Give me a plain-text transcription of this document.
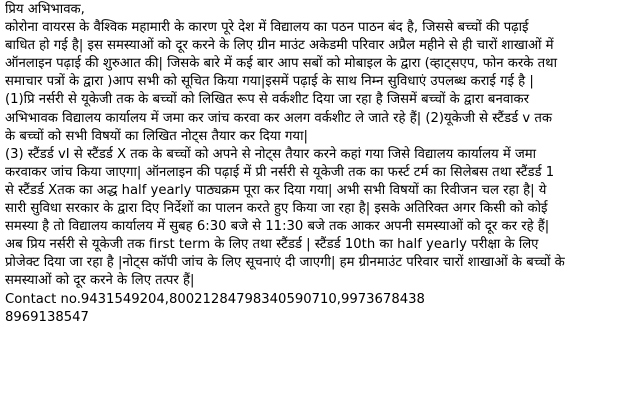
प्रिय अभिभावक,
कोरोना वायरस के वैश्विक महामारी के कारण पूरे देश में विद्यालय का पठन पाठन बंद है, जिससे बच्चों की पढ़ाई
बाधित हो गई है| इस समस्याओं को दूर करने के लिए ग्रीन माउंट अकेडमी परिवार अप्रैल महीने से ही चारों शाखाओं में
ऑनलाइन पढ़ाई की शुरुआत की| जिसके बारे में कई बार आप सबों को मोबाइल के द्वारा (व्हाट्सएप, फोन करके तथा
समाचार पत्रों के द्वारा )आप सभी को सूचित किया गया|इसमें पढ़ाई के साथ निम्न सुविधाएं उपलब्ध कराई गई है |
(1)प्रि नर्सरी से यूकेजी तक के बच्चों को लिखित रूप से वर्कशीट दिया जा रहा है जिसमें बच्चों के द्वारा बनवाकर
अभिभावक विद्यालय कार्यालय में जमा कर जांच करवा कर अलग वर्कशीट ले जाते रहे हैं| (2)यूकेजी से स्टैंडर्ड v तक
के बच्चों को सभी विषयों का लिखित नोट्स तैयार कर दिया गया|
(3) स्टैंडर्ड vI से स्टैंडर्ड X तक के बच्चों को अपने से नोट्स तैयार करने कहां गया जिसे विद्यालय कार्यालय में जमा
करवाकर जांच किया जाएगा| ऑनलाइन की पढ़ाई में प्री नर्सरी से यूकेजी तक का फर्स्ट टर्म का सिलेबस तथा स्टैंडर्ड 1
से स्टैंडर्ड Xतक का अद्ध half yearly पाठ्यक्रम पूरा कर दिया गया| अभी सभी विषयों का रिवीजन चल रहा है| ये
सारी सुविधा सरकार के द्वारा दिए निर्देशों का पालन करते हुए किया जा रहा है| इसके अतिरिक्त अगर किसी को कोई
समस्या है तो विद्यालय कार्यालय में सुबह 6:30 बजे से 11:30 बजे तक आकर अपनी समस्याओं को दूर कर रहे हैं|
अब प्रिय नर्सरी से यूकेजी तक first term के लिए तथा स्टैंडर्ड | स्टैंडर्ड 10th का half yearly परीक्षा के लिए
प्रोजेक्ट दिया जा रहा है |नोट्स कॉपी जांच के लिए सूचनाएं दी जाएगी| हम ग्रीनमाउंट परिवार चारों शाखाओं के बच्चों के
समस्याओं को दूर करने के लिए तत्पर हैं|
Contact no.9431549204,8002128479834059071​0,9973678438
8969138547
